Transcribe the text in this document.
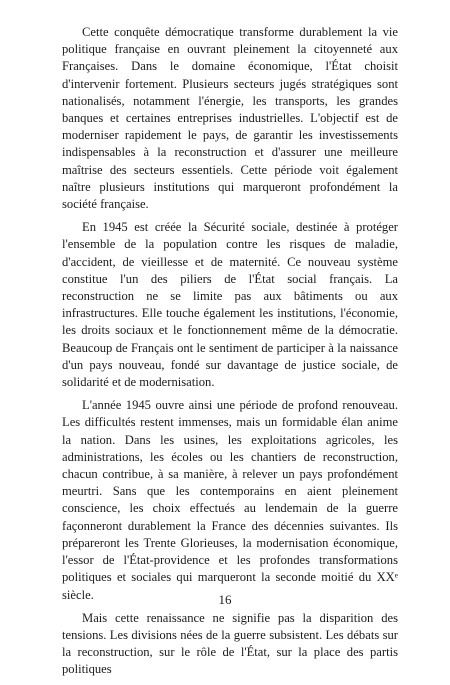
Cette conquête démocratique transforme durablement la vie politique française en ouvrant pleinement la citoyenneté aux Françaises. Dans le domaine économique, l'État choisit d'intervenir fortement. Plusieurs secteurs jugés stratégiques sont nationalisés, notamment l'énergie, les transports, les grandes banques et certaines entreprises industrielles. L'objectif est de moderniser rapidement le pays, de garantir les investissements indispensables à la reconstruction et d'assurer une meilleure maîtrise des secteurs essentiels. Cette période voit également naître plusieurs institutions qui marqueront profondément la société française.

En 1945 est créée la Sécurité sociale, destinée à protéger l'ensemble de la population contre les risques de maladie, d'accident, de vieillesse et de maternité. Ce nouveau système constitue l'un des piliers de l'État social français. La reconstruction ne se limite pas aux bâtiments ou aux infrastructures. Elle touche également les institutions, l'économie, les droits sociaux et le fonctionnement même de la démocratie. Beaucoup de Français ont le sentiment de participer à la naissance d'un pays nouveau, fondé sur davantage de justice sociale, de solidarité et de modernisation.

L'année 1945 ouvre ainsi une période de profond renouveau. Les difficultés restent immenses, mais un formidable élan anime la nation. Dans les usines, les exploitations agricoles, les administrations, les écoles ou les chantiers de reconstruction, chacun contribue, à sa manière, à relever un pays profondément meurtri. Sans que les contemporains en aient pleinement conscience, les choix effectués au lendemain de la guerre façonneront durablement la France des décennies suivantes. Ils prépareront les Trente Glorieuses, la modernisation économique, l'essor de l'État-providence et les profondes transformations politiques et sociales qui marqueront la seconde moitié du XXᵉ siècle.

Mais cette renaissance ne signifie pas la disparition des tensions. Les divisions nées de la guerre subsistent. Les débats sur la reconstruction, sur le rôle de l'État, sur la place des partis politiques

16
